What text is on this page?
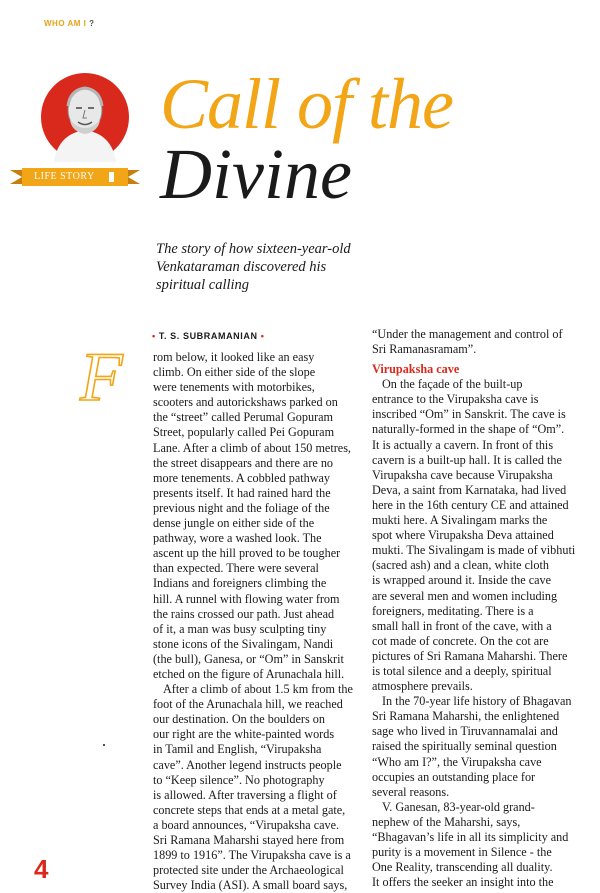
WHO AM I ?
LIFE STORY
Call of the
Divine
The story of how sixteen-year-old Venkataraman discovered his spiritual calling
• T. S. SUBRAMANIAN •
F rom below, it looked like an easy
climb. On either side of the slope
were tenements with motorbikes,
scooters and autorickshaws parked on
the “street” called Perumal Gopuram
Street, popularly called Pei Gopuram
Lane. After a climb of about 150 metres,
the street disappears and there are no
more tenements. A cobbled pathway
presents itself. It had rained hard the
previous night and the foliage of the
dense jungle on either side of the
pathway, wore a washed look. The
ascent up the hill proved to be tougher
than expected. There were several
Indians and foreigners climbing the
hill. A runnel with flowing water from
the rains crossed our path. Just ahead
of it, a man was busy sculpting tiny
stone icons of the Sivalingam, Nandi
(the bull), Ganesa, or “Om” in Sanskrit
etched on the figure of Arunachala hill.

After a climb of about 1.5 km from the
foot of the Arunachala hill, we reached
our destination. On the boulders on
our right are the white-painted words
in Tamil and English, “Virupaksha
cave”. Another legend instructs people
to “Keep silence”. No photography
is allowed. After traversing a flight of
concrete steps that ends at a metal gate,
a board announces, “Virupaksha cave.
Sri Ramana Maharshi stayed here from
1899 to 1916”. The Virupaksha cave is a
protected site under the Archaeological
Survey India (ASI). A small board says,

“Under the management and control of
Sri Ramanasramam”.

Virupaksha cave

On the façade of the built-up
entrance to the Virupaksha cave is
inscribed “Om” in Sanskrit. The cave is
naturally-formed in the shape of “Om”.
It is actually a cavern. In front of this
cavern is a built-up hall. It is called the
Virupaksha cave because Virupaksha
Deva, a saint from Karnataka, had lived
here in the 16th century CE and attained
mukti here. A Sivalingam marks the
spot where Virupaksha Deva attained
mukti. The Sivalingam is made of vibhuti
(sacred ash) and a clean, white cloth
is wrapped around it. Inside the cave
are several men and women including
foreigners, meditating. There is a
small hall in front of the cave, with a
cot made of concrete. On the cot are
pictures of Sri Ramana Maharshi. There
is total silence and a deeply, spiritual
atmosphere prevails.

In the 70-year life history of Bhagavan
Sri Ramana Maharshi, the enlightened
sage who lived in Tiruvannamalai and
raised the spiritually seminal question
“Who am I?”, the Virupaksha cave
occupies an outstanding place for
several reasons.

V. Ganesan, 83-year-old grand-
nephew of the Maharshi, says,
“Bhagavan’s life in all its simplicity and
purity is a movement in Silence - the
One Reality, transcending all duality.
It offers the seeker an insight into the

4
